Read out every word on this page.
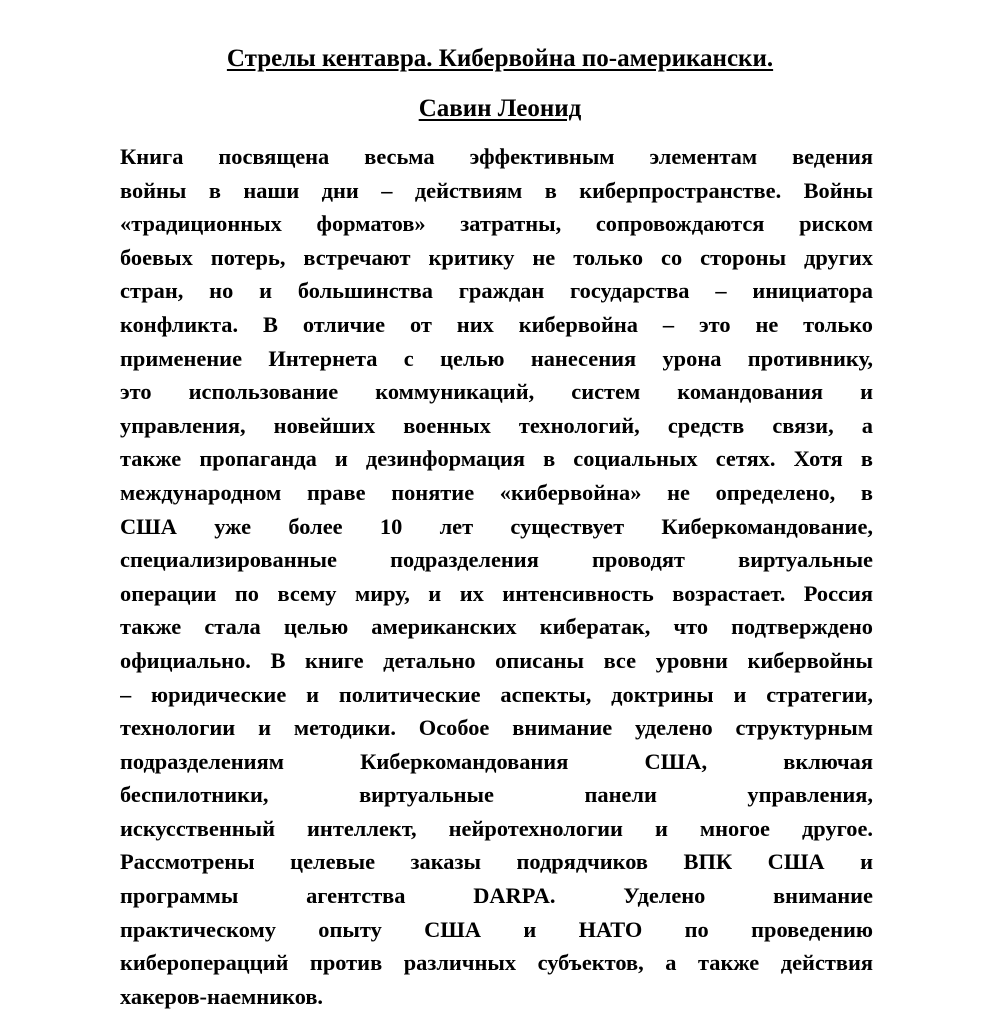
Стрелы кентавра. Кибервойна по-американски.
Савин Леонид
Книга посвящена весьма эффективным элементам ведения
войны в наши дни – действиям в киберпространстве. Войны
«традиционных форматов» затратны, сопровождаются риском
боевых потерь, встречают критику не только со стороны других
стран, но и большинства граждан государства – инициатора
конфликта. В отличие от них кибервойна – это не только
применение Интернета с целью нанесения урона противнику,
это использование коммуникаций, систем командования и
управления, новейших военных технологий, средств связи, а
также пропаганда и дезинформация в социальных сетях. Хотя в
международном праве понятие «кибервойна» не определено, в
США уже более 10 лет существует Киберкомандование,
специализированные подразделения проводят виртуальные
операции по всему миру, и их интенсивность возрастает. Россия
также стала целью американских кибератак, что подтверждено
официально. В книге детально описаны все уровни кибервойны
– юридические и политические аспекты, доктрины и стратегии,
технологии и методики. Особое внимание уделено структурным
подразделениям Киберкомандования США, включая
беспилотники, виртуальные панели управления,
искусственный интеллект, нейротехнологии и многое другое.
Рассмотрены целевые заказы подрядчиков ВПК США и
программы агентства DARPA. Уделено внимание
практическому опыту США и НАТО по проведению
кибероперацций против различных субъектов, а также действия
хакеров-наемников.
